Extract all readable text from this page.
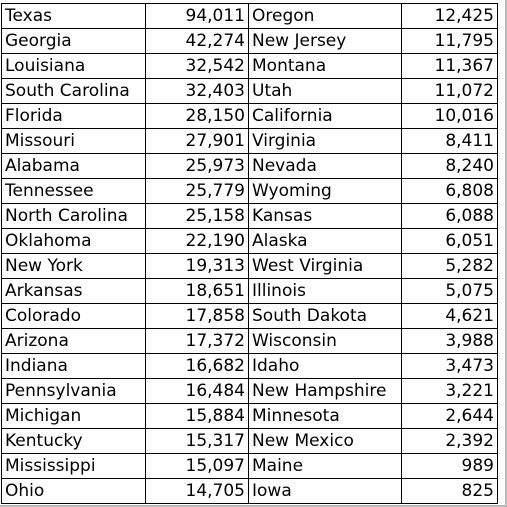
Texas	94,011	Oregon	12,425
Georgia	42,274	New Jersey	11,795
Louisiana	32,542	Montana	11,367
South Carolina	32,403	Utah	11,072
Florida	28,150	California	10,016
Missouri	27,901	Virginia	8,411
Alabama	25,973	Nevada	8,240
Tennessee	25,779	Wyoming	6,808
North Carolina	25,158	Kansas	6,088
Oklahoma	22,190	Alaska	6,051
New York	19,313	West Virginia	5,282
Arkansas	18,651	Illinois	5,075
Colorado	17,858	South Dakota	4,621
Arizona	17,372	Wisconsin	3,988
Indiana	16,682	Idaho	3,473
Pennsylvania	16,484	New Hampshire	3,221
Michigan	15,884	Minnesota	2,644
Kentucky	15,317	New Mexico	2,392
Mississippi	15,097	Maine	989
Ohio	14,705	Iowa	825
